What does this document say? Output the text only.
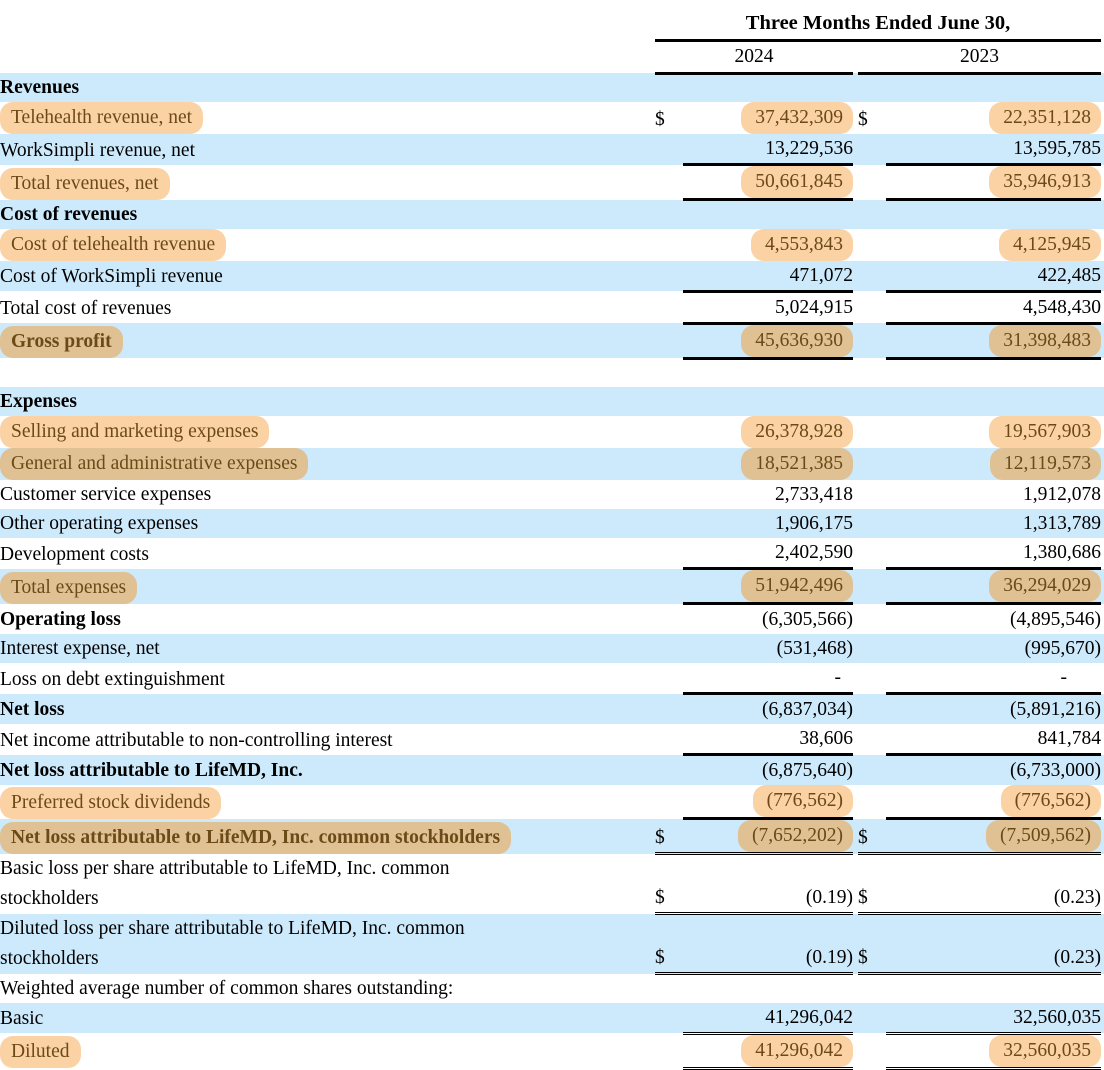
	Three Months Ended June 30,					
	2024			2023		
Revenues						
Telehealth revenue, net	$	37,432,309		$	22,351,128	
WorkSimpli revenue, net		13,229,536			13,595,785	
Total revenues, net		50,661,845			35,946,913	
Cost of revenues						
Cost of telehealth revenue		4,553,843			4,125,945	
Cost of WorkSimpli revenue		471,072			422,485	
Total cost of revenues		5,024,915			4,548,430	
Gross profit		45,636,930			31,398,483	

Expenses						
Selling and marketing expenses		26,378,928			19,567,903	
General and administrative expenses		18,521,385			12,119,573	
Customer service expenses		2,733,418			1,912,078	
Other operating expenses		1,906,175			1,313,789	
Development costs		2,402,590			1,380,686	
Total expenses		51,942,496			36,294,029	
Operating loss		(6,305,566)			(4,895,546)	
Interest expense, net		(531,468)			(995,670)	
Loss on debt extinguishment		-			-	
Net loss		(6,837,034)			(5,891,216)	
Net income attributable to non-controlling interest		38,606			841,784	
Net loss attributable to LifeMD, Inc.		(6,875,640)			(6,733,000)	
Preferred stock dividends		(776,562)			(776,562)	
Net loss attributable to LifeMD, Inc. common stockholders	$	(7,652,202)		$	(7,509,562)	
Basic loss per share attributable to LifeMD, Inc. common stockholders	$	(0.19)		$	(0.23)	
Diluted loss per share attributable to LifeMD, Inc. common stockholders	$	(0.19)		$	(0.23)	
Weighted average number of common shares outstanding:						
Basic		41,296,042			32,560,035	
Diluted		41,296,042			32,560,035	
